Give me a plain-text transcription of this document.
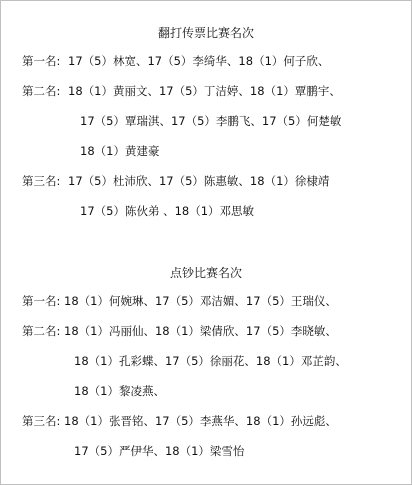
翻打传票比赛名次
第一名: 17（5）林宽、17（5）李绮华、18（1）何子欣、
第二名: 18（1）黄丽文、17（5）丁洁婷、18（1）覃鹏宇、
17（5）覃瑞淇、17（5）李鹏飞、17（5）何楚敏
18（1）黄建豪
第三名: 17（5）杜沛欣、17（5）陈惠敏、18（1）徐棣靖
17（5）陈伙弟 、18（1）邓思敏
点钞比赛名次
第一名: 18（1）何婉琳、17（5）邓洁媚、17（5）王瑞仪、
第二名: 18（1）冯丽仙、18（1）梁倩欣、17（5）李晓敏、
18（1）孔彩蝶、17（5）徐丽花、18（1）邓芷韵、
18（1）黎凌燕、
第三名: 18（1）张晋铭、17（5）李燕华、18（1）孙远彪、
17（5）严伊华、18（1）梁雪怡
